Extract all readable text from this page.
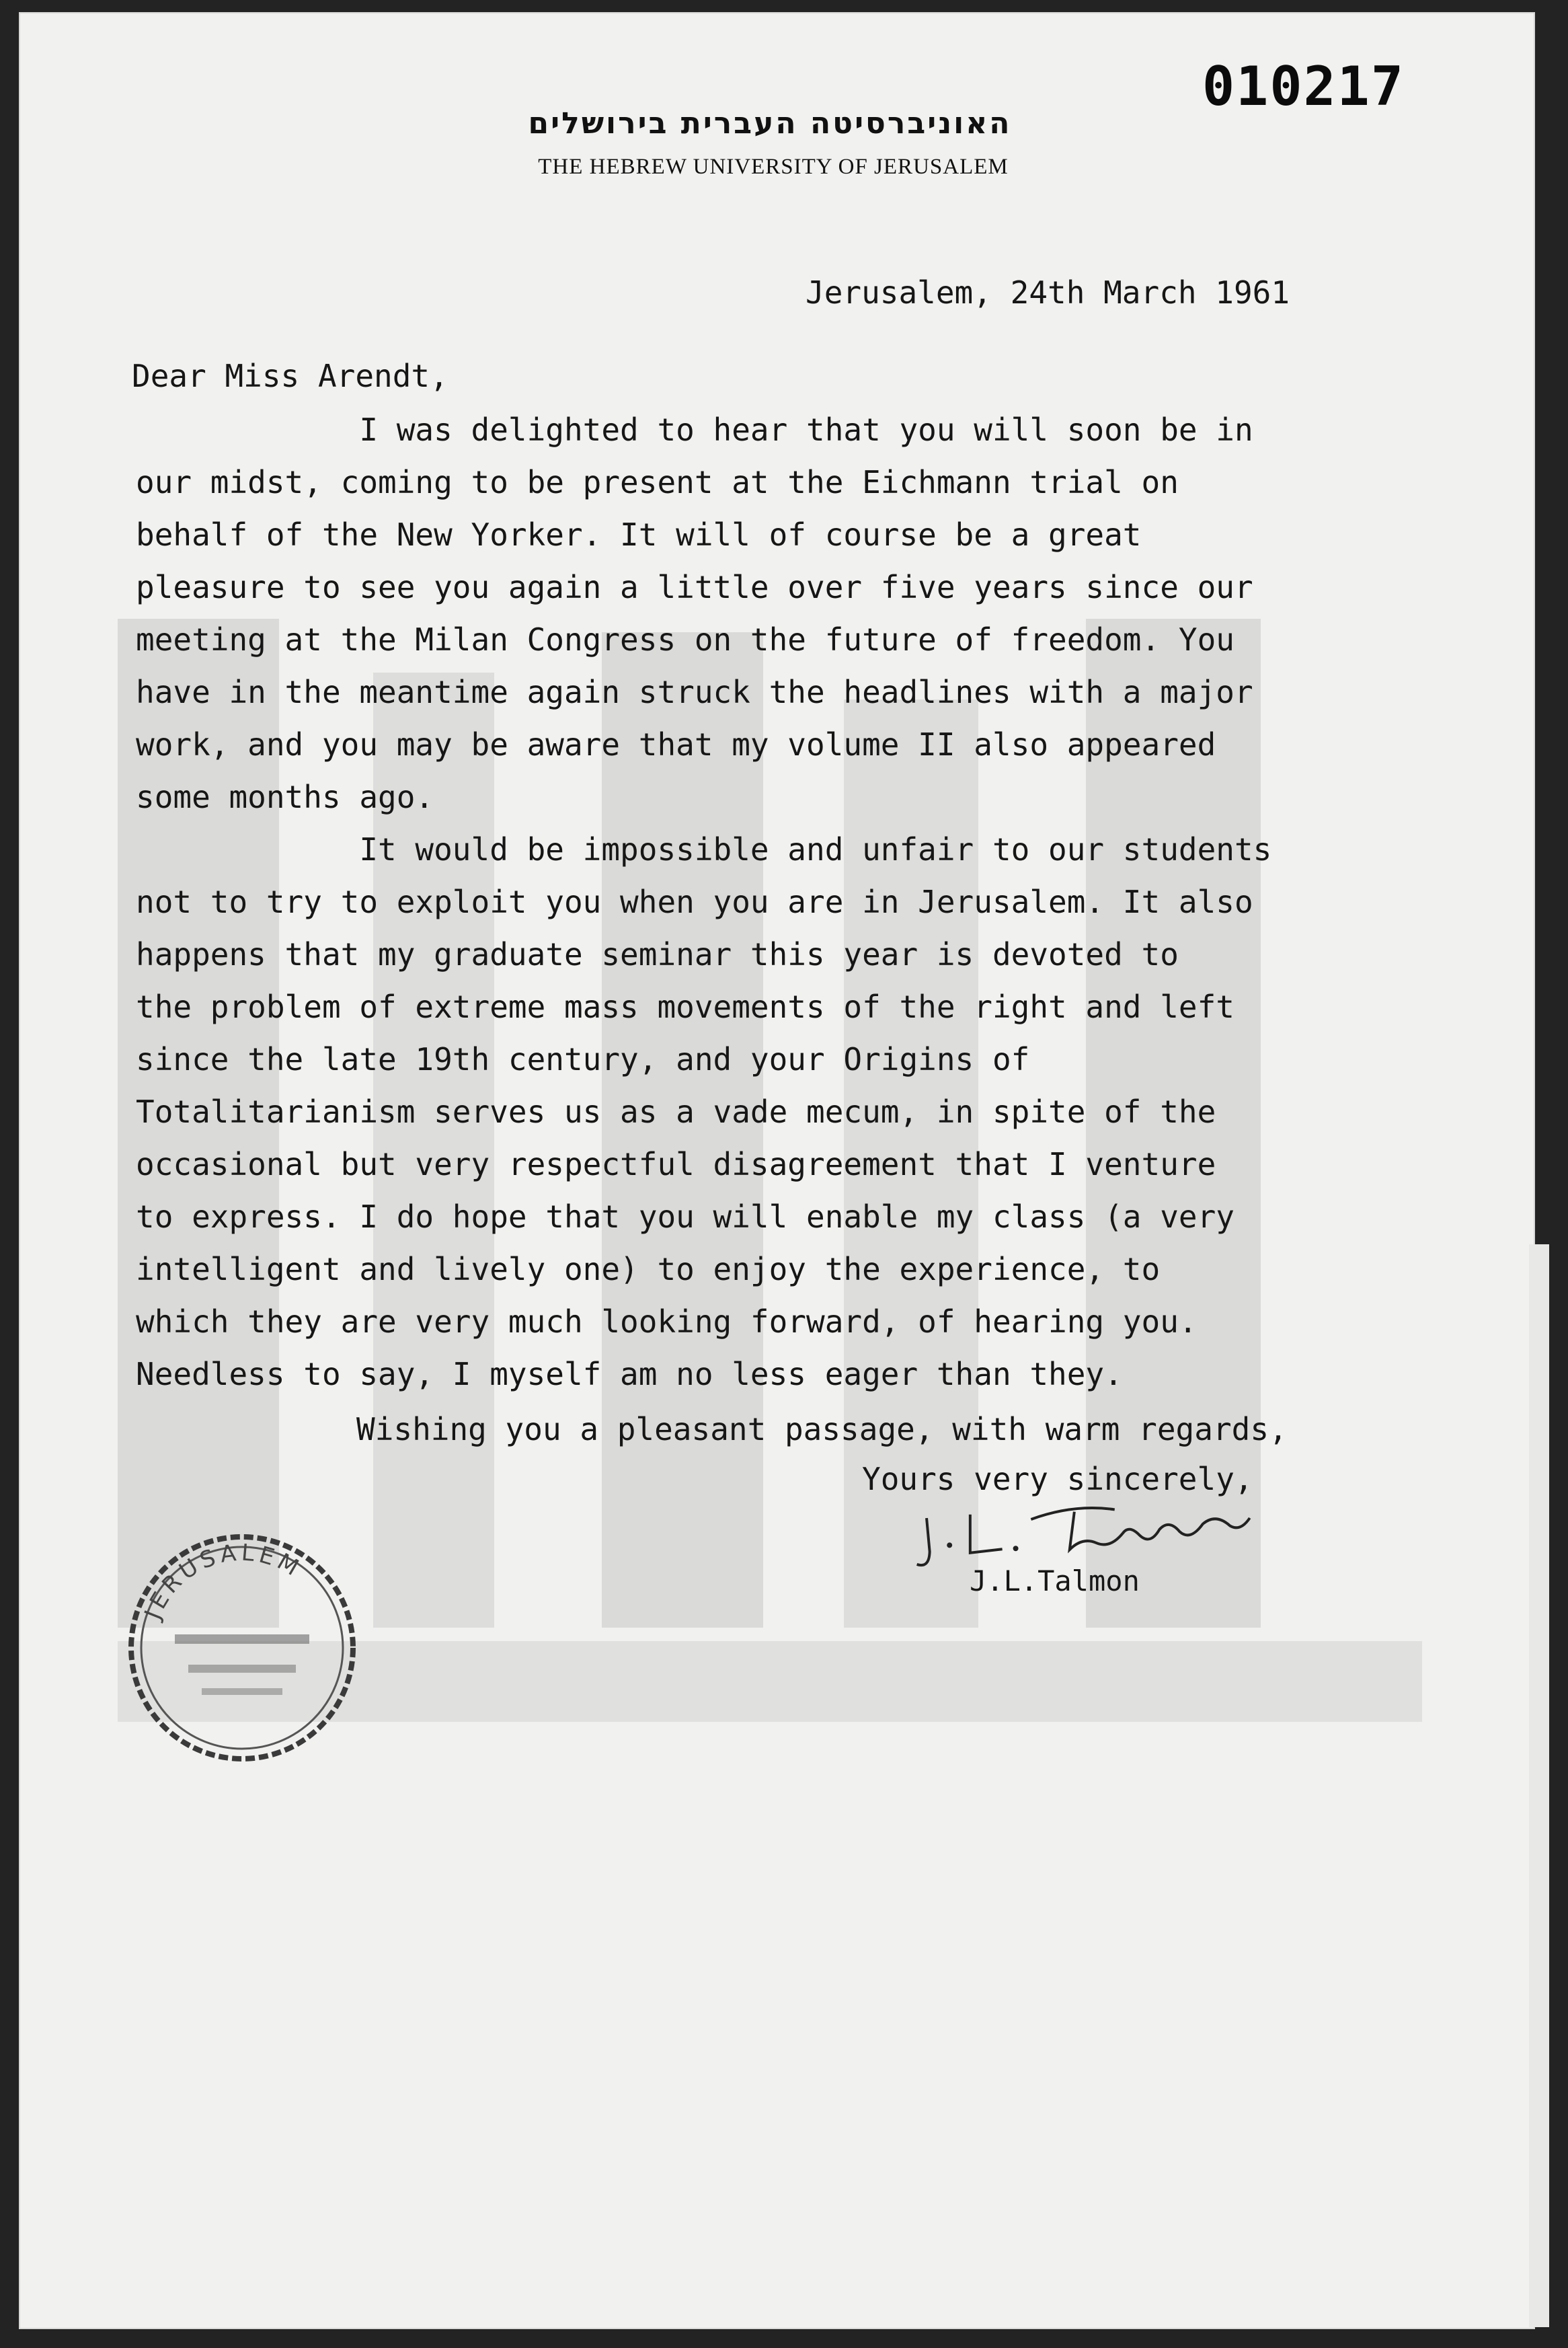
010217
האוניברסיטה העברית בירושלים
THE HEBREW UNIVERSITY OF JERUSALEM
Jerusalem, 24th March 1961
Dear Miss Arendt,
I was delighted to hear that you will soon be in
our midst, coming to be present at the Eichmann trial on
behalf of the New Yorker. It will of course be a great
pleasure to see you again a little over five years since our
meeting at the Milan Congress on the future of freedom. You
have in the meantime again struck the headlines with a major
work, and you may be aware that my volume II also appeared
some months ago.
It would be impossible and unfair to our students
not to try to exploit you when you are in Jerusalem. It also
happens that my graduate seminar this year is devoted to
the problem of extreme mass movements of the right and left
since the late 19th century, and your Origins of
Totalitarianism serves us as a vade mecum, in spite of the
occasional but very respectful disagreement that I venture
to express. I do hope that you will enable my class (a very
intelligent and lively one) to enjoy the experience, to
which they are very much looking forward, of hearing you.
Needless to say, I myself am no less eager than they.
Wishing you a pleasant passage, with warm regards,
Yours very sincerely,
J.L.Talmon
JERUSALEM
